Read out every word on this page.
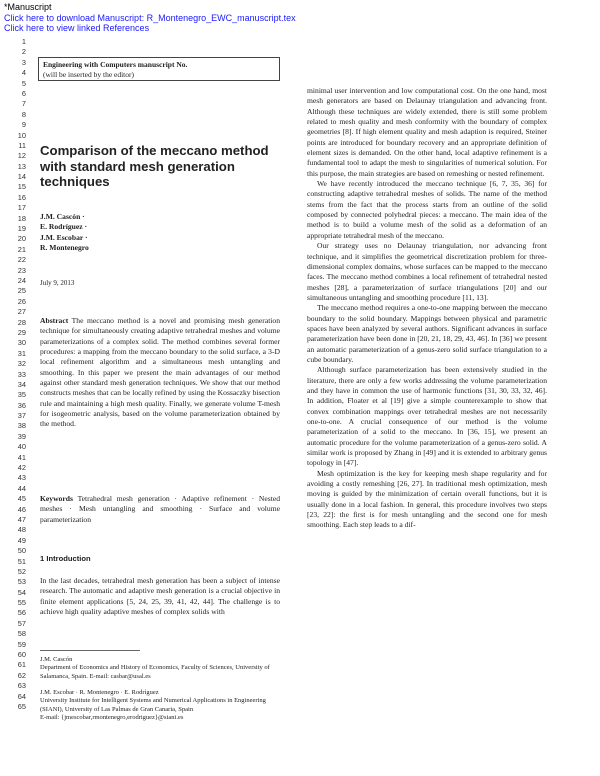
*Manuscript
Click here to download Manuscript: R_Montenegro_EWC_manuscript.tex
Click here to view linked References
1
2
3
4
5
6
7
8
9
10
11
12
13
14
15
16
17
18
19
20
21
22
23
24
25
26
27
28
29
30
31
32
33
34
35
36
37
38
39
40
41
42
43
44
45
46
47
48
49
50
51
52
53
54
55
56
57
58
59
60
61
62
63
64
65
Engineering with Computers manuscript No.
(will be inserted by the editor)
Comparison of the meccano method with standard mesh generation techniques
J.M. Cascón ·
E. Rodríguez ·
J.M. Escobar ·
R. Montenegro
July 9, 2013
Abstract The meccano method is a novel and promising mesh generation technique for simultaneously creating adaptive tetrahedral meshes and volume parameterizations of a complex solid. The method combines several former procedures: a mapping from the meccano boundary to the solid surface, a 3-D local refinement algorithm and a simultaneous mesh untangling and smoothing. In this paper we present the main advantages of our method against other standard mesh generation techniques. We show that our method constructs meshes that can be locally refined by using the Kossaczky bisection rule and maintaining a high mesh quality. Finally, we generate volume T-mesh for isogeometric analysis, based on the volume parameterization obtained by the method.
Keywords Tetrahedral mesh generation · Adaptive refinement · Nested meshes · Mesh untangling and smoothing · Surface and volume parameterization
1 Introduction
In the last decades, tetrahedral mesh generation has been a subject of intense research. The automatic and adaptive mesh generation is a crucial objective in finite element applications [5, 24, 25, 39, 41, 42, 44]. The challenge is to achieve high quality adaptive meshes of complex solids with
J.M. Cascón
Department of Economics and History of Economics, Faculty of Sciences, University of Salamanca, Spain. E-mail: casbar@usal.es
J.M. Escobar · R. Montenegro · E. Rodríguez
University Institute for Intelligent Systems and Numerical Applications in Engineering (SIANI), University of Las Palmas de Gran Canaria, Spain
E-mail: {jmescobar,rmontenegro,erodriguez}@siani.es

minimal user intervention and low computational cost. On the one hand, most mesh generators are based on Delaunay triangulation and advancing front. Although these techniques are widely extended, there is still some problem related to mesh quality and mesh conformity with the boundary of complex geometries [8]. If high element quality and mesh adaption is required, Steiner points are introduced for boundary recovery and an appropriate definition of element sizes is demanded. On the other hand, local adaptive refinement is a fundamental tool to adapt the mesh to singularities of numerical solution. For this purpose, the main strategies are based on remeshing or nested refinement.

We have recently introduced the meccano technique [6, 7, 35, 36] for constructing adaptive tetrahedral meshes of solids. The name of the method stems from the fact that the process starts from an outline of the solid composed by connected polyhedral pieces: a meccano. The main idea of the method is to build a volume mesh of the solid as a deformation of an appropriate tetrahedral mesh of the meccano.

Our strategy uses no Delaunay triangulation, nor advancing front technique, and it simplifies the geometrical discretization problem for three-dimensional complex domains, whose surfaces can be mapped to the meccano faces. The meccano method combines a local refinement of tetrahedral nested meshes [28], a parameterization of surface triangulations [20] and our simultaneous untangling and smoothing procedure [11, 13].

The meccano method requires a one-to-one mapping between the meccano boundary to the solid boundary. Mappings between physical and parametric spaces have been analyzed by several authors. Significant advances in surface parameterization have been done in [20, 21, 18, 29, 43, 46]. In [36] we present an automatic parameterization of a genus-zero solid surface triangulation to a cube boundary.

Although surface parameterization has been extensively studied in the literature, there are only a few works addressing the volume parameterization and they have in common the use of harmonic functions [31, 30, 33, 32, 46]. In addition, Floater et al [19] give a simple counterexample to show that convex combination mappings over tetrahedral meshes are not necessarily one-to-one. A crucial consequence of our method is the volume parameterization of a solid to the meccano. In [36, 15], we present an automatic procedure for the volume parameterization of a genus-zero solid. A similar work is proposed by Zhang in [49] and it is extended to arbitrary genus topology in [47].

Mesh optimization is the key for keeping mesh shape regularity and for avoiding a costly remeshing [26, 27]. In traditional mesh optimization, mesh moving is guided by the minimization of certain overall functions, but it is usually done in a local fashion. In general, this procedure involves two steps [23, 22]: the first is for mesh untangling and the second one for mesh smoothing. Each step leads to a dif-
